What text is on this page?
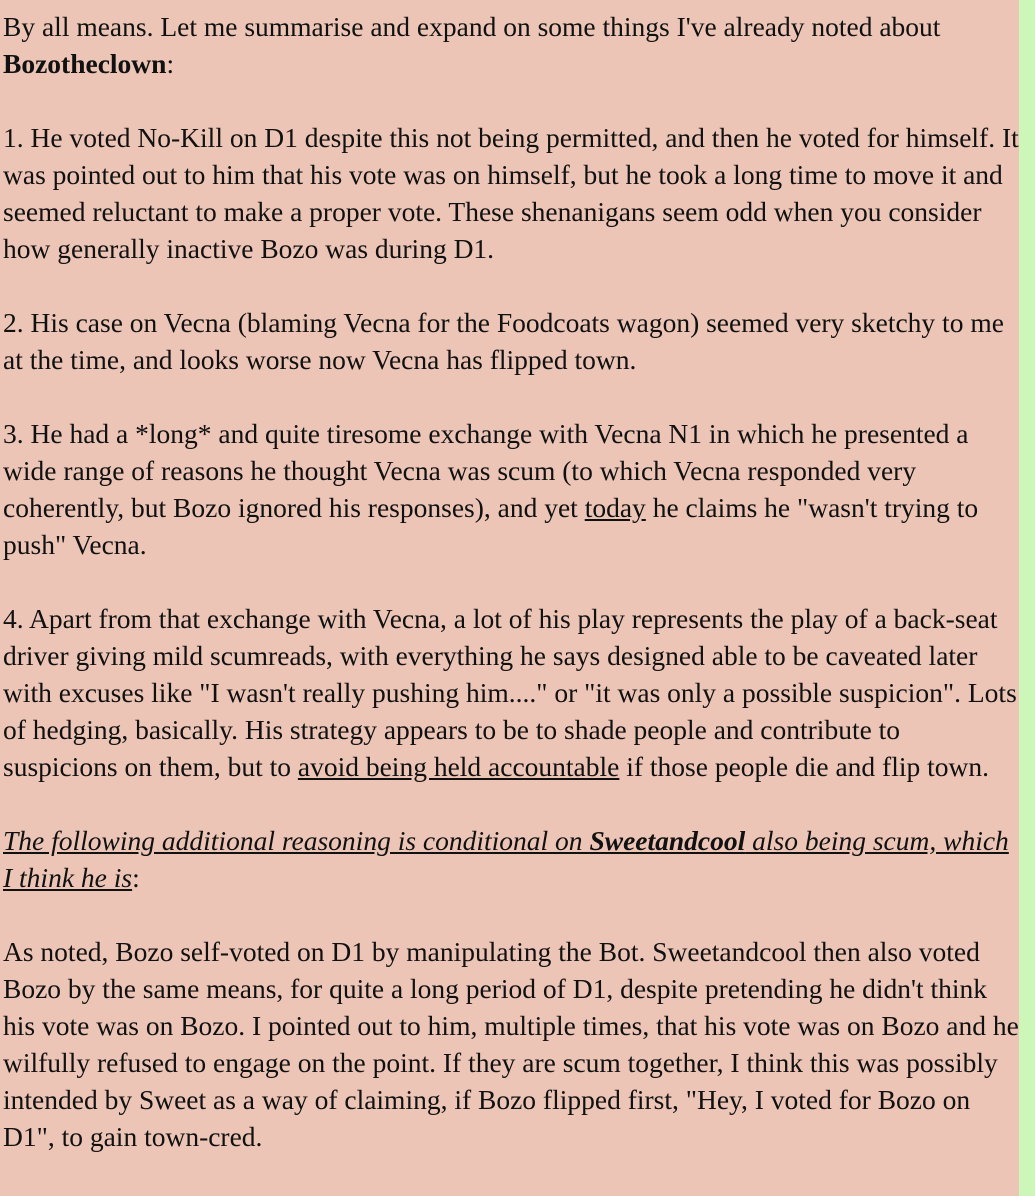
By all means. Let me summarise and expand on some things I've already noted about Bozotheclown:

1. He voted No-Kill on D1 despite this not being permitted, and then he voted for himself. It was pointed out to him that his vote was on himself, but he took a long time to move it and seemed reluctant to make a proper vote. These shenanigans seem odd when you consider how generally inactive Bozo was during D1.

2. His case on Vecna (blaming Vecna for the Foodcoats wagon) seemed very sketchy to me at the time, and looks worse now Vecna has flipped town.

3. He had a *long* and quite tiresome exchange with Vecna N1 in which he presented a wide range of reasons he thought Vecna was scum (to which Vecna responded very coherently, but Bozo ignored his responses), and yet today he claims he "wasn't trying to push" Vecna.

4. Apart from that exchange with Vecna, a lot of his play represents the play of a back-seat driver giving mild scumreads, with everything he says designed able to be caveated later with excuses like "I wasn't really pushing him...." or "it was only a possible suspicion". Lots of hedging, basically. His strategy appears to be to shade people and contribute to suspicions on them, but to avoid being held accountable if those people die and flip town.

The following additional reasoning is conditional on Sweetandcool also being scum, which I think he is:

As noted, Bozo self-voted on D1 by manipulating the Bot. Sweetandcool then also voted Bozo by the same means, for quite a long period of D1, despite pretending he didn't think his vote was on Bozo. I pointed out to him, multiple times, that his vote was on Bozo and he wilfully refused to engage on the point. If they are scum together, I think this was possibly intended by Sweet as a way of claiming, if Bozo flipped first, "Hey, I voted for Bozo on D1", to gain town-cred.
